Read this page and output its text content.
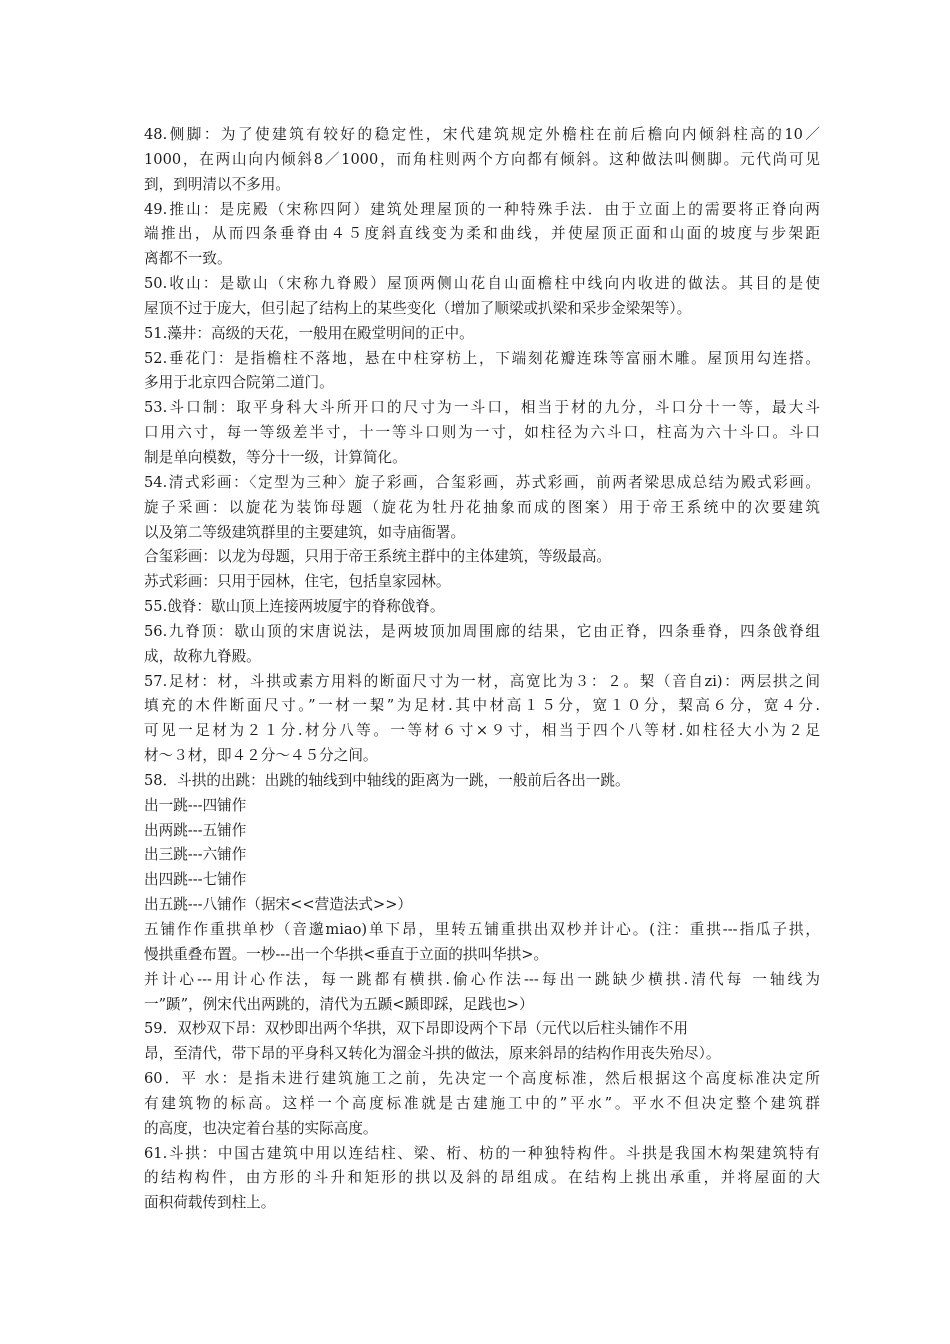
48.侧脚：为了使建筑有较好的稳定性，宋代建筑规定外檐柱在前后檐向内倾斜柱高的10／
1000，在两山向内倾斜8／1000，而角柱则两个方向都有倾斜。这种做法叫侧脚。元代尚可见
到，到明清以不多用。
49.推山：是庑殿（宋称四阿）建筑处理屋顶的一种特殊手法．由于立面上的需要将正脊向两
端推出，从而四条垂脊由４５度斜直线变为柔和曲线，并使屋顶正面和山面的坡度与步架距
离都不一致。
50.收山：是歇山（宋称九脊殿）屋顶两侧山花自山面檐柱中线向内收进的做法。其目的是使
屋顶不过于庞大，但引起了结构上的某些变化（增加了顺梁或扒梁和采步金梁架等）。
51.藻井：高级的天花，一般用在殿堂明间的正中。
52.垂花门：是指檐柱不落地，悬在中柱穿枋上，下端刻花瓣连珠等富丽木雕。屋顶用勾连搭。
多用于北京四合院第二道门。
53.斗口制：取平身科大斗所开口的尺寸为一斗口，相当于材的九分，斗口分十一等，最大斗
口用六寸，每一等级差半寸，十一等斗口则为一寸，如柱径为六斗口，柱高为六十斗口。斗口
制是单向模数，等分十一级，计算简化。
54.清式彩画：〈定型为三种〉旋子彩画，合玺彩画，苏式彩画，前两者梁思成总结为殿式彩画。
旋子采画：以旋花为装饰母题（旋花为牡丹花抽象而成的图案）用于帝王系统中的次要建筑
以及第二等级建筑群里的主要建筑，如寺庙衙署。
合玺彩画：以龙为母题，只用于帝王系统主群中的主体建筑，等级最高。
苏式彩画：只用于园林，住宅，包括皇家园林。
55.戗脊：歇山顶上连接两坡厦宇的脊称戗脊。
56.九脊顶：歇山顶的宋唐说法，是两坡顶加周围廊的结果，它由正脊，四条垂脊，四条戗脊组
成，故称九脊殿。
57.足材：材，斗拱或素方用料的断面尺寸为一材，高宽比为３：２。栔（音自zi)：两层拱之间
填充的木件断面尺寸。”一材一栔”为足材.其中材高１５分，宽１０分，栔高６分，宽４分.
可见一足材为２１分.材分八等。一等材６寸×９寸，相当于四个八等材.如柱径大小为２足
材～３材，即４２分～４５分之间。
58．斗拱的出跳：出跳的轴线到中轴线的距离为一跳，一般前后各出一跳。
出一跳---四铺作
出两跳---五铺作
出三跳---六铺作
出四跳---七铺作
出五跳---八铺作（据宋<<营造法式>>）
五铺作作重拱单杪（音邈miao)单下昂，里转五铺重拱出双杪并计心。(注：重拱---指瓜子拱，
慢拱重叠布置。一杪---出一个华拱<垂直于立面的拱叫华拱>。
并计心---用计心作法，每一跳都有横拱.偷心作法---每出一跳缺少横拱.清代每 一轴线为
一”踬”，例宋代出两跳的，清代为五踬<踬即踩，足践也>）
59．双杪双下昂：双杪即出两个华拱，双下昂即设两个下昂（元代以后柱头铺作不用
昂，至清代，带下昂的平身科又转化为溜金斗拱的做法，原来斜昂的结构作用丧失殆尽）。
60．平 水：是指未进行建筑施工之前，先决定一个高度标准，然后根据这个高度标准决定所
有建筑物的标高。这样一个高度标准就是古建施工中的”平水”。平水不但决定整个建筑群
的高度，也决定着台基的实际高度。
61.斗拱：中国古建筑中用以连结柱、梁、桁、枋的一种独特构件。斗拱是我国木构架建筑特有
的结构构件，由方形的斗升和矩形的拱以及斜的昂组成。在结构上挑出承重，并将屋面的大
面积荷载传到柱上。
